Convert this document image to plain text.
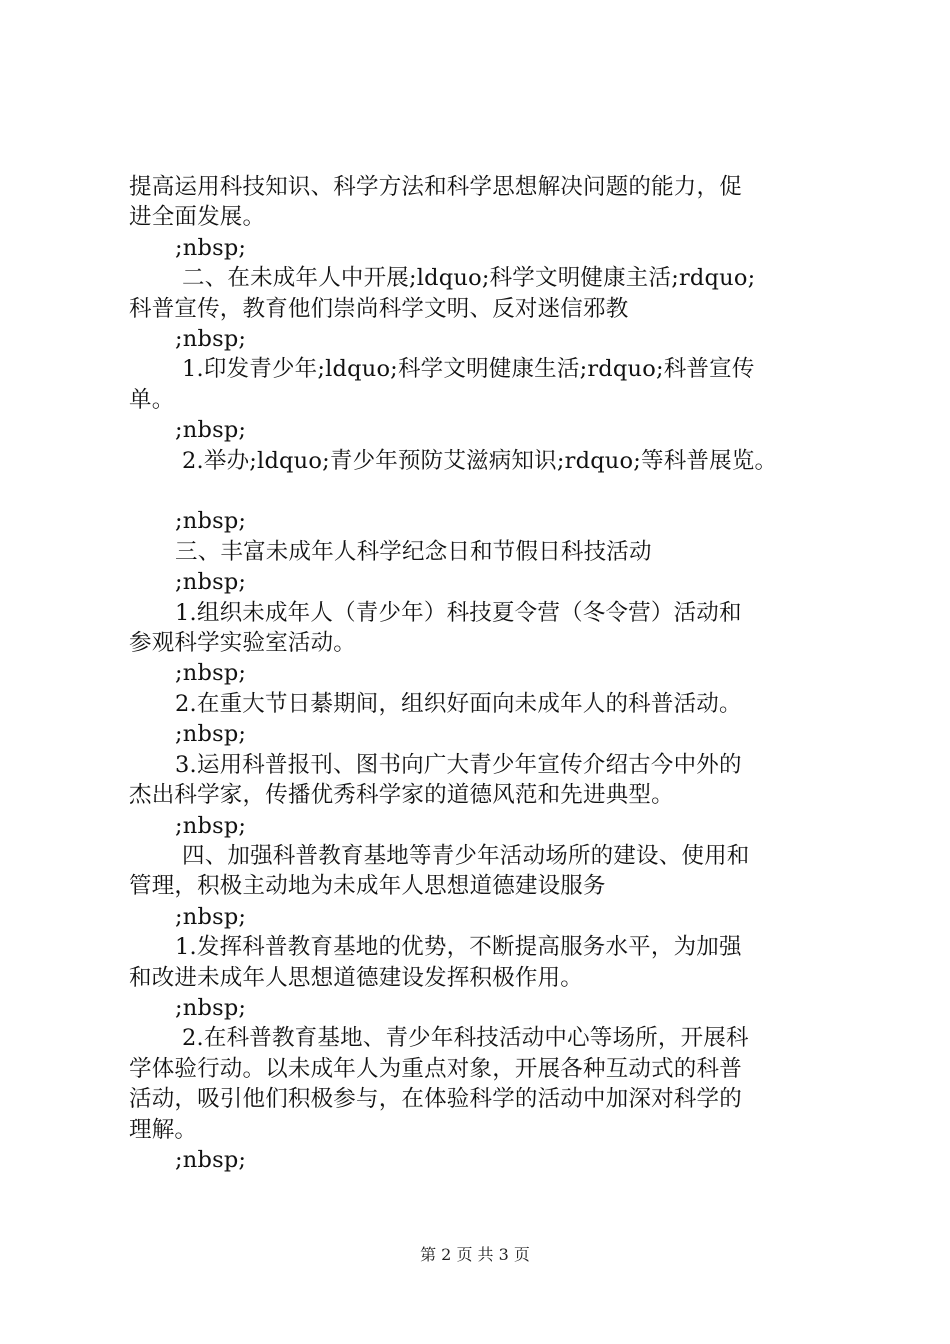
提高运用科技知识、科学方法和科学思想解决问题的能力，促
进全面发展。
;nbsp;
二、在未成年人中开展;ldquo;科学文明健康主活;rdquo;
科普宣传，教育他们崇尚科学文明、反对迷信邪教
;nbsp;
1.印发青少年;ldquo;科学文明健康生活;rdquo;科普宣传
单。
;nbsp;
2.举办;ldquo;青少年预防艾滋病知识;rdquo;等科普展览。
;nbsp;
三、丰富未成年人科学纪念日和节假日科技活动
;nbsp;
1.组织未成年人（青少年）科技夏令营（冬令营）活动和
参观科学实验室活动。
;nbsp;
2.在重大节日綦期间，组织好面向未成年人的科普活动。
;nbsp;
3.运用科普报刊、图书向广大青少年宣传介绍古今中外的
杰出科学家，传播优秀科学家的道德风范和先进典型。
;nbsp;
四、加强科普教育基地等青少年活动场所的建设、使用和
管理，积极主动地为未成年人思想道德建设服务
;nbsp;
1.发挥科普教育基地的优势，不断提高服务水平，为加强
和改进未成年人思想道德建设发挥积极作用。
;nbsp;
2.在科普教育基地、青少年科技活动中心等场所，开展科
学体验行动。以未成年人为重点对象，开展各种互动式的科普
活动，吸引他们积极参与，在体验科学的活动中加深对科学的
理解。
;nbsp;
第 2 页 共 3 页
